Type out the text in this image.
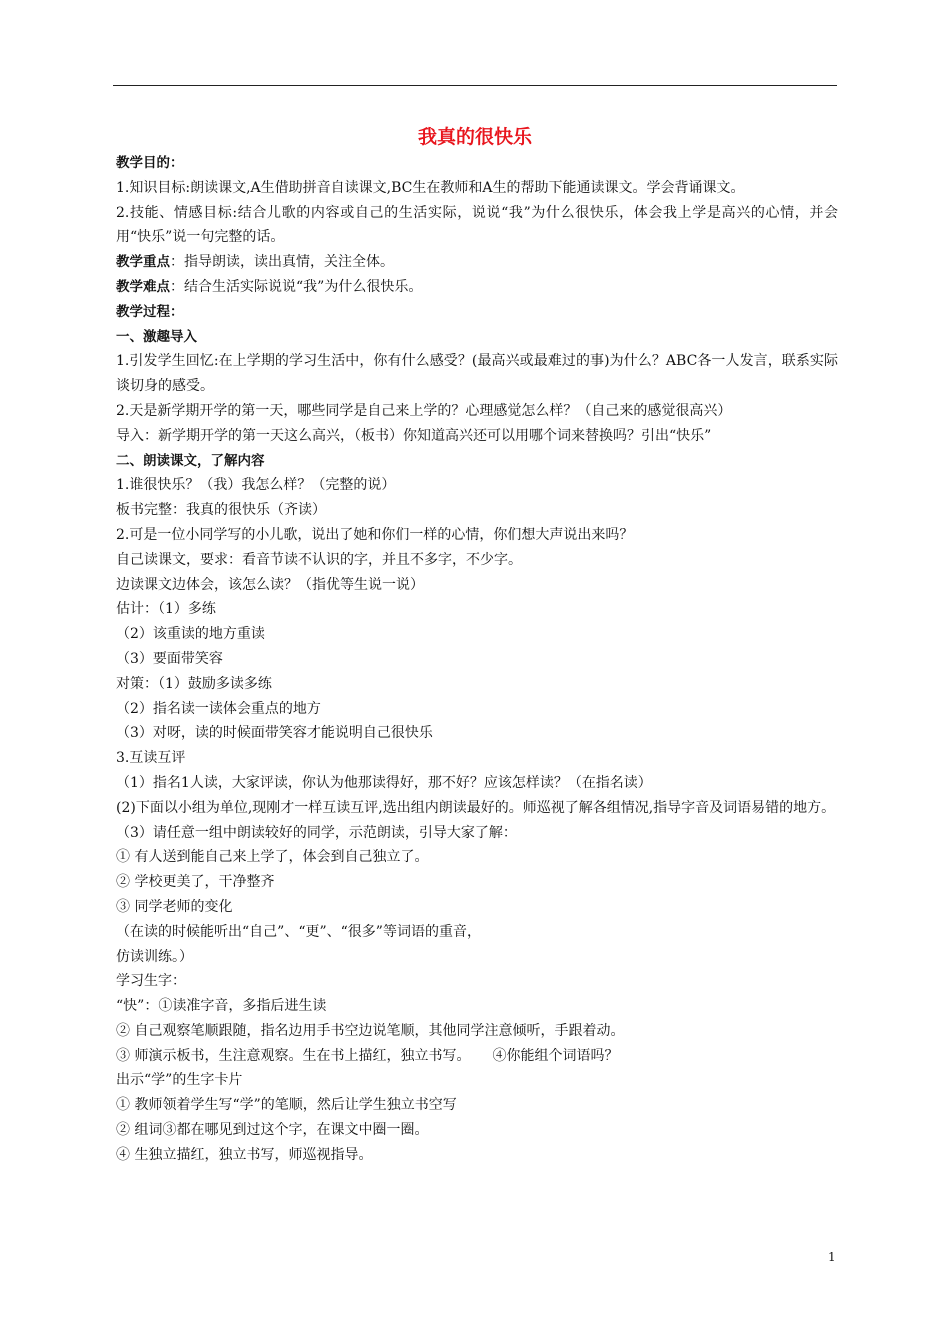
我真的很快乐
教学目的：
1.知识目标:朗读课文,A生借助拼音自读课文,BC生在教师和A生的帮助下能通读课文。学会背诵课文。
2.技能、情感目标:结合儿歌的内容或自己的生活实际，说说“我”为什么很快乐，体会我上学是高兴的心情，并会用“快乐”说一句完整的话。
教学重点：指导朗读，读出真情，关注全体。
教学难点：结合生活实际说说“我”为什么很快乐。
教学过程：
一、激趣导入
1.引发学生回忆:在上学期的学习生活中，你有什么感受？(最高兴或最难过的事)为什么？ABC各一人发言，联系实际谈切身的感受。
2.天是新学期开学的第一天，哪些同学是自己来上学的？心理感觉怎么样？（自己来的感觉很高兴）
导入：新学期开学的第一天这么高兴，（板书）你知道高兴还可以用哪个词来替换吗？引出“快乐”
二、朗读课文，了解内容
1.谁很快乐？（我）我怎么样？（完整的说）
板书完整：我真的很快乐（齐读）
2.可是一位小同学写的小儿歌，说出了她和你们一样的心情，你们想大声说出来吗？
自己读课文，要求：看音节读不认识的字，并且不多字，不少字。
边读课文边体会，该怎么读？（指优等生说一说）
估计：（1）多练
（2）该重读的地方重读
（3）要面带笑容
对策：（1）鼓励多读多练
（2）指名读一读体会重点的地方
（3）对呀，读的时候面带笑容才能说明自己很快乐
3.互读互评
（1）指名1人读，大家评读，你认为他那读得好，那不好？应该怎样读？（在指名读）
(2)下面以小组为单位,现刚才一样互读互评,选出组内朗读最好的。师巡视了解各组情况,指导字音及词语易错的地方。
（3）请任意一组中朗读较好的同学，示范朗读，引导大家了解：
① 有人送到能自己来上学了，体会到自己独立了。
② 学校更美了，干净整齐
③ 同学老师的变化
（在读的时候能听出“自己”、“更”、“很多”等词语的重音，
仿读训练。）
学习生字：
“快”：①读准字音，多指后进生读
② 自己观察笔顺跟随，指名边用手书空边说笔顺，其他同学注意倾听，手跟着动。
③ 师演示板书，生注意观察。生在书上描红，独立书写。 ④你能组个词语吗？
出示“学”的生字卡片
① 教师领着学生写“学”的笔顺，然后让学生独立书空写
② 组词③都在哪见到过这个字，在课文中圈一圈。
④ 生独立描红，独立书写，师巡视指导。
1
